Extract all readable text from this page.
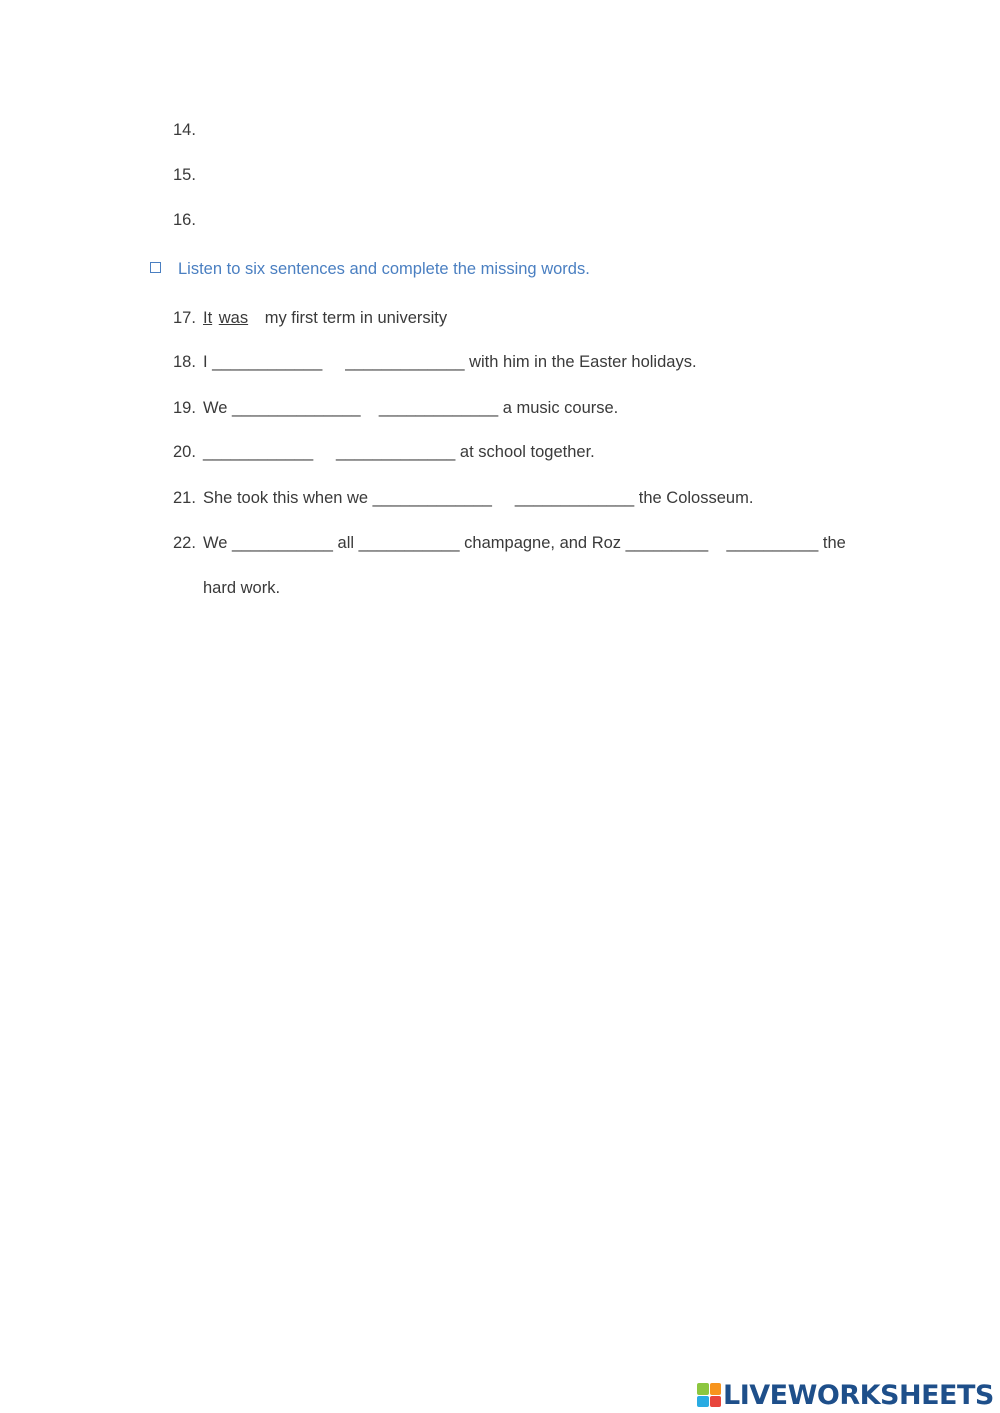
14.
15.
16.
Listen to six sentences and complete the missing words.
17. It was my first term in university
18. I ____________     _____________ with him in the Easter holidays.
19. We ______________    _____________ a music course.
20. ____________     _____________ at school together.
21. She took this when we _____________     _____________ the Colosseum.
22. We ___________ all ___________ champagne, and Roz _________    __________ the
hard work.
LIVEWORKSHEETS
